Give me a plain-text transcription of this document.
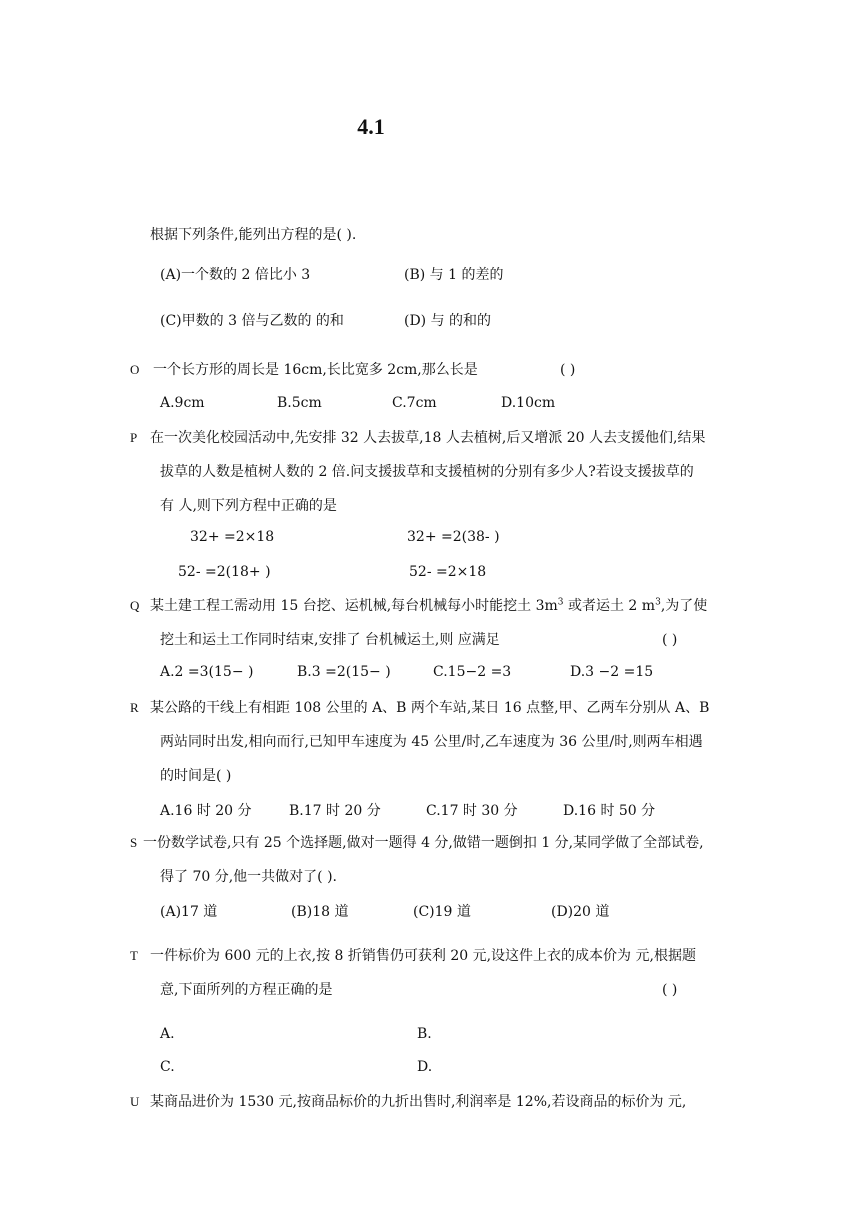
4.1
根据下列条件,能列出方程的是( ).
(A)一个数的 2 倍比小 3	(B) 与 1 的差的
(C)甲数的 3 倍与乙数的 的和	(D) 与 的和的
O 一个长方形的周长是 16cm,长比宽多 2cm,那么长是	( )
A.9cm	B.5cm	C.7cm	D.10cm
P 在一次美化校园活动中,先安排 32 人去拔草,18 人去植树,后又增派 20 人去支援他们,结果
拔草的人数是植树人数的 2 倍.问支援拔草和支援植树的分别有多少人?若设支援拔草的
有 人,则下列方程中正确的是
32+ =2×18	32+ =2(38- )
52- =2(18+ )	52- =2×18
Q 某土建工程工需动用 15 台挖、运机械,每台机械每小时能挖土 $3m^3$ 或者运土 2 $m^3$,为了使
挖土和运土工作同时结束,安排了 台机械运土,则 应满足	( )
A.2 =3(15− )	B.3 =2(15− )	C.15−2 =3	D.3 −2 =15
R 某公路的干线上有相距 108 公里的 A、B 两个车站,某日 16 点整,甲、乙两车分别从 A、B
两站同时出发,相向而行,已知甲车速度为 45 公里/时,乙车速度为 36 公里/时,则两车相遇
的时间是( )
A.16 时 20 分	B.17 时 20 分	C.17 时 30 分	D.16 时 50 分
S 一份数学试卷,只有 25 个选择题,做对一题得 4 分,做错一题倒扣 1 分,某同学做了全部试卷,
得了 70 分,他一共做对了( ).
(A)17 道	(B)18 道	(C)19 道	(D)20 道
T 一件标价为 600 元的上衣,按 8 折销售仍可获利 20 元,设这件上衣的成本价为 元,根据题
意,下面所列的方程正确的是	( )
A.	B.
C.	D.
U 某商品进价为 1530 元,按商品标价的九折出售时,利润率是 12%,若设商品的标价为 元,
